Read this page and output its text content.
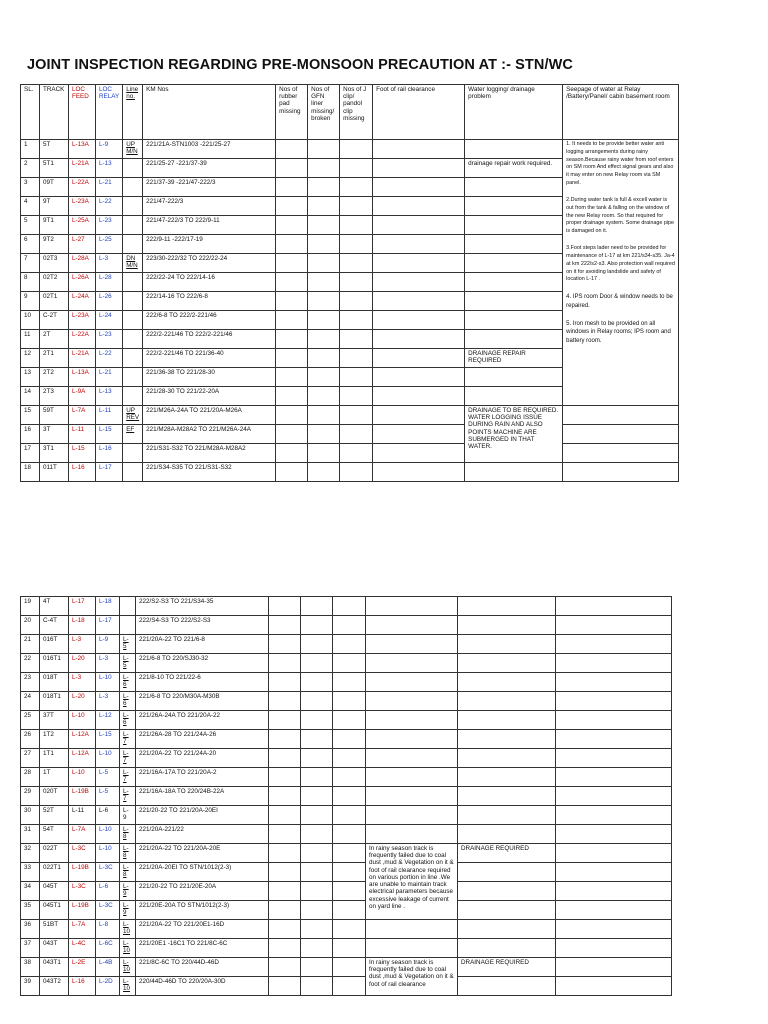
JOINT INSPECTION REGARDING PRE-MONSOON PRECAUTION AT :- STN/WC
SL.	TRACK	LOC FEED	LOC RELAY	Line no.	KM Nos	Nos of rubber pad missing	Nos of GFN liner missing/ broken	Nos of J clip/ pandol clip missing	Foot of rail clearance	Water logging/ drainage problem	Seepage of water at Relay /Battery/Panel/ cabin basement room
1	5T	L-13A	L-9	UP M/N	221/21A-STN1003 -221/25-27						1. It needs to be provide better water anti logging arrangements during rainy season.Because rainy water from roof enters on SM room And effect signal gears and also it may enter on new Relay room via SM panel.

2.During water tank is full & excell water is out from the tank & falling on the window of the new Relay room. So that required for proper drainage system. Some drainage pipe is damaged on it.

3.Foot steps lader need to be provided for maintenance of L-17 at km 221/s34-s35. Ja-4 at km 222/s2-s3. Also protection wall required on it for avoiding landslide and safety of location L-17 .

4. IPS room Door & window needs to be repaired.

5. Iron mesh to be provided on all windows in Relay rooms; IPS room and battery room.

2	5T1	L-21A	L-13		221/25-27 -221/37-39					drainage repair work required.	
3	09T	L-22A	L-21		221/37-39 -221/47-222/3						
4	9T	L-23A	L-22		221/47-222/3						
5	9T1	L-25A	L-23		221/47-222/3 TO 222/9-11						
6	9T2	L-27	L-25		222/9-11 -222/17-19						
7	02T3	L-28A	L-3	DN M/N	223/30-222/32 TO 222/22-24						
8	02T2	L-26A	L-28		222/22-24 TO 222/14-16						
9	02T1	L-24A	L-26		222/14-16 TO 222/6-8						
10	C-2T	L-23A	L-24		222/6-8 TO 222/2-221/46						
11	2T	L-22A	L-23		222/2-221/46 TO 222/2-221/46						
12	2T1	L-21A	L-22		222/2-221/46 TO 221/36-40					DRAINAGE REPAIR REQUIRED	
13	2T2	L-13A	L-21		221/36-38 TO 221/28-30						
14	2T3	L-9A	L-13		221/28-30 TO 221/22-20A						
15	59T	L-7A	L-11	UP REV	221/M26A-24A TO 221/20A-M26A					DRAINAGE TO BE REQUIRED. WATER LOGGING ISSUE DURING RAIN AND ALSO POINTS MACHINE ARE SUBMERGED IN THAT WATER.	
16	3T	L-11	L-15	EF	221/M28A-M28A2 TO 221/M26A-24A						
17	3T1	L-15	L-16		221/S31-S32 TO 221/M28A-M28A2						
18	011T	L-16	L-17		221/S34-S35 TO 221/S31-S32						
19	4T	L-17	L-18		222/S2-S3 TO 221/S34-35						
20	C-4T	L-18	L-17		222/S4-S3 TO 222/S2-S3						
21	016T	L-3	L-9	L-5	221/20A-22 TO 221/6-8						
22	016T1	L-20	L-3	L-5	221/6-8 TO 220/SJ30-32						
23	018T	L-3	L-10	L-6	221/8-10 TO 221/22-6						
24	018T1	L-20	L-3	L-6	221/6-8 TO 220/M30A-M30B						
25	37T	L-10	L-12	L-6	221/26A-24A TO 221/20A-22						
26	1T2	L-12A	L-15	L-7	221/26A-28 TO 221/24A-26						
27	1T1	L-12A	L-10	L-7	221/20A-22 TO 221/24A-20						
28	1T	L-10	L-5	L-7	221/16A-17A TO 221/20A-2						
29	020T	L-19B	L-5	L-7	221/16A-18A TO 220/24B-22A						
30	52T	L-11	L-6	L-9	221/20-22 TO 221/20A-20EI						
31	54T	L-7A	L-10	L-8	221/20A-221/22						
32	022T	L-3C	L-10	L-8	221/20A-22 TO 221/20A-20E				In rainy season track is frequently failed due to coal dust ,mud & Vegetation on it & foot of rail clearance required on various portion in line .We are unable to maintain track electrical parameters because excessive leakage of current on yard line .	DRAINAGE REQUIRED	
33	022T1	L-19B	L-3C	L-8	221/20A-20EI TO STN/1012(2-3)						
34	045T	L-3C	L-6	L-9	221/20-22 TO 221/20E-20A						
35	045T1	L-19B	L-3C	L-9	221/20E-20A TO STN/1012(2-3)						
36	51BT	L-7A	L-8	L-10	221/20A-22 TO 221/20E1-16D						
37	043T	L-4C	L-6C	L-10	221/20E1 -16C1 TO 221/8C-6C						
38	043T1	L-2E	L-4B	L-10	221/8C-6C TO 220/44D-46D				In rainy season track is frequently failed due to coal dust ,mud & Vegetation on it & foot of rail clearance	DRAINAGE REQUIRED	
39	043T2	L-16	L-2D	L-10	220/44D-46D TO 220/20A-30D						
